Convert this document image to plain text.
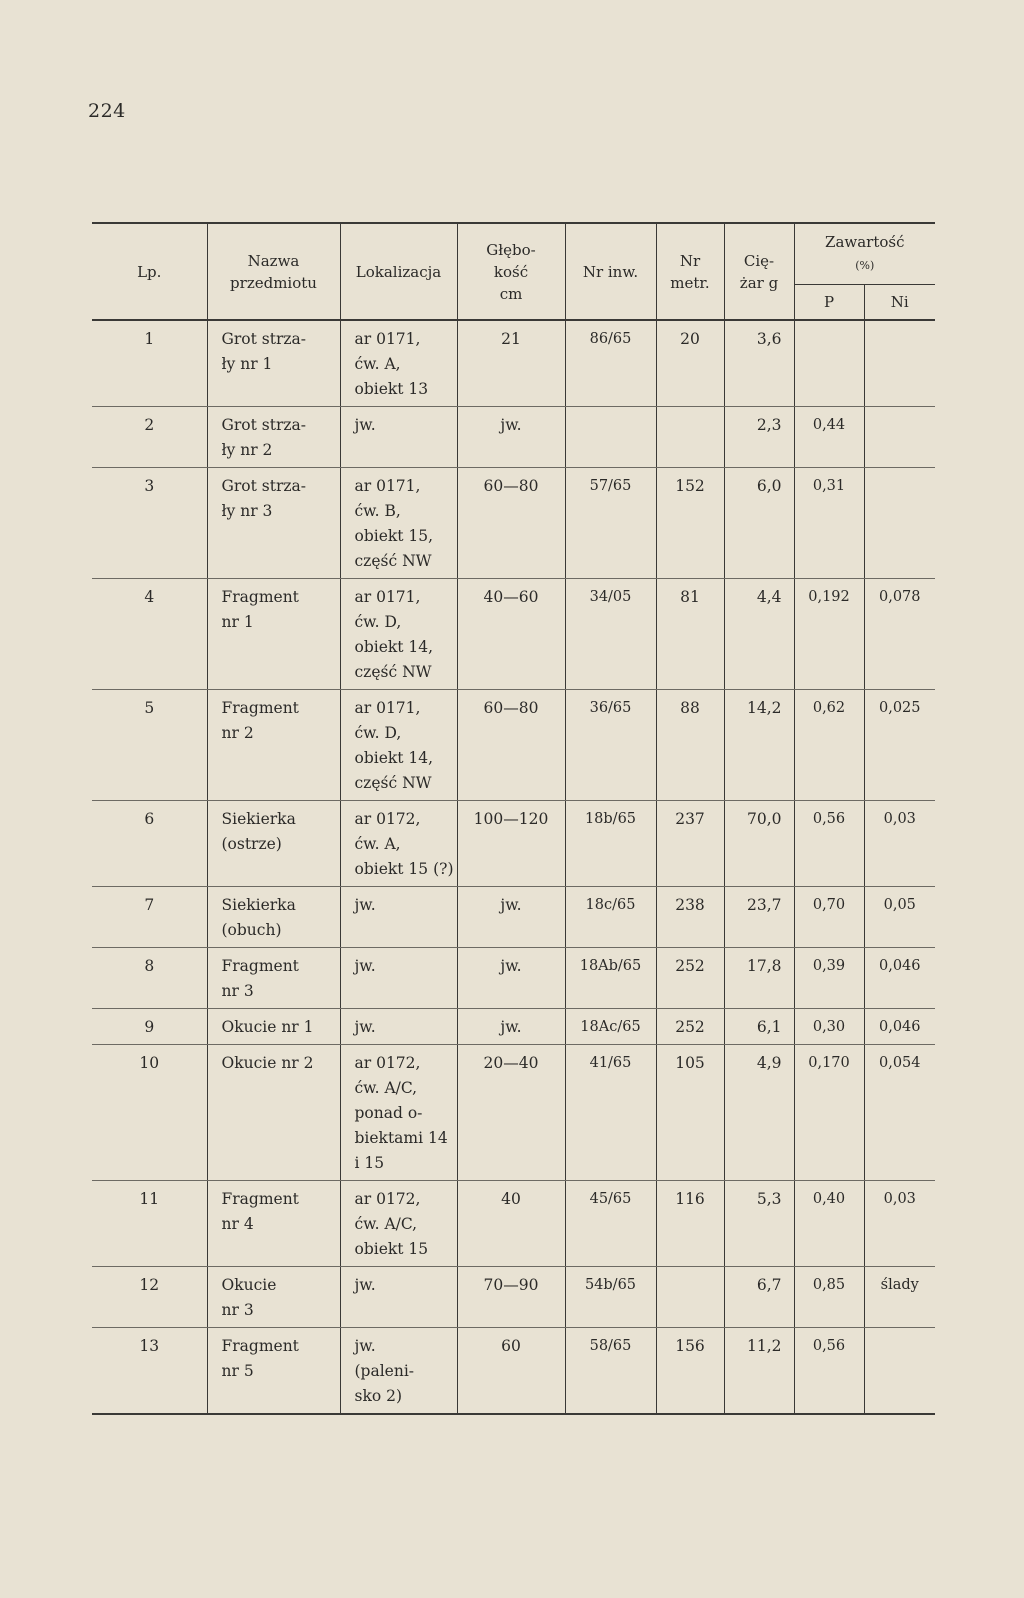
224
Lp.	Nazwa
przedmiotu	Lokalizacja	Głębo-
kość
cm	Nr inw.	Nr
metr.	Cię-
żar g	Zawartość
(%)	
							P	Ni
1	Grot strza-
ły nr 1	ar 0171,
ćw. A,
obiekt 13	21	86/65	20	3,6		
2	Grot strza-
ły nr 2	jw.	jw.			2,3	0,44	
3	Grot strza-
ły nr 3	ar 0171,
ćw. B,
obiekt 15,
część NW	60—80	57/65	152	6,0	0,31	
4	Fragment
nr 1	ar 0171,
ćw. D,
obiekt 14,
część NW	40—60	34/05	81	4,4	0,192	0,078
5	Fragment
nr 2	ar 0171,
ćw. D,
obiekt 14,
część NW	60—80	36/65	88	14,2	0,62	0,025
6	Siekierka
(ostrze)	ar 0172,
ćw. A,
obiekt 15 (?)	100—120	18b/65	237	70,0	0,56	0,03
7	Siekierka
(obuch)	jw.	jw.	18c/65	238	23,7	0,70	0,05
8	Fragment
nr 3	jw.	jw.	18Ab/65	252	17,8	0,39	0,046
9	Okucie nr 1	jw.	jw.	18Ac/65	252	6,1	0,30	0,046
10	Okucie nr 2	ar 0172,
ćw. A/C,
ponad o-
biektami 14
i 15	20—40	41/65	105	4,9	0,170	0,054
11	Fragment
nr 4	ar 0172,
ćw. A/C,
obiekt 15	40	45/65	116	5,3	0,40	0,03
12	Okucie
nr 3	jw.	70—90	54b/65		6,7	0,85	ślady
13	Fragment
nr 5	jw.
(paleni-
sko 2)	60	58/65	156	11,2	0,56	
